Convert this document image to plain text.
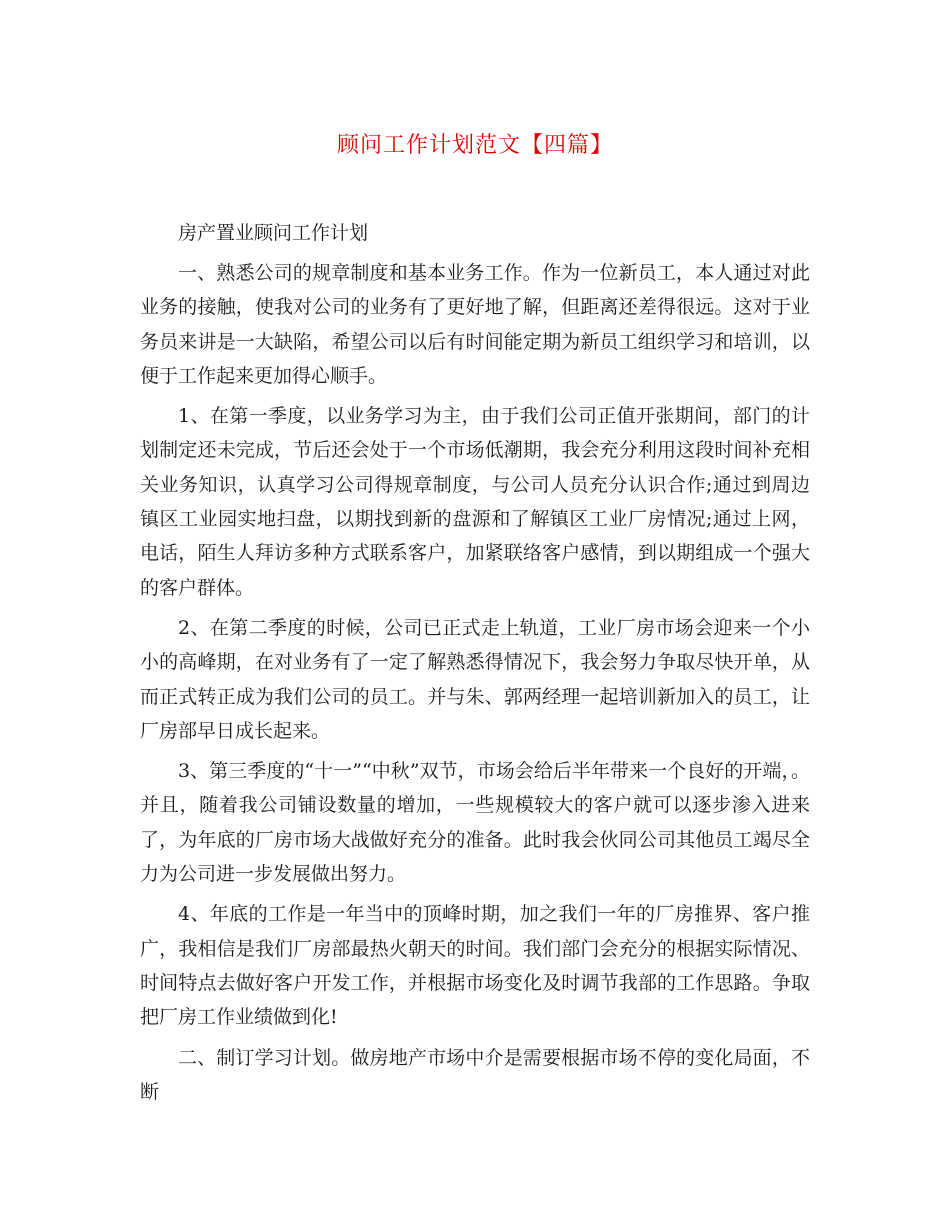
顾问工作计划范文【四篇】

房产置业顾问工作计划

一、熟悉公司的规章制度和基本业务工作。作为一位新员工，本人通过对此业务的接触，使我对公司的业务有了更好地了解，但距离还差得很远。这对于业务员来讲是一大缺陷，希望公司以后有时间能定期为新员工组织学习和培训，以便于工作起来更加得心顺手。

1、在第一季度，以业务学习为主，由于我们公司正值开张期间，部门的计划制定还未完成，节后还会处于一个市场低潮期，我会充分利用这段时间补充相关业务知识，认真学习公司得规章制度，与公司人员充分认识合作;通过到周边镇区工业园实地扫盘，以期找到新的盘源和了解镇区工业厂房情况;通过上网，电话，陌生人拜访多种方式联系客户，加紧联络客户感情，到以期组成一个强大的客户群体。

2、在第二季度的时候，公司已正式走上轨道，工业厂房市场会迎来一个小小的高峰期，在对业务有了一定了解熟悉得情况下，我会努力争取尽快开单，从而正式转正成为我们公司的员工。并与朱、郭两经理一起培训新加入的员工，让厂房部早日成长起来。

3、第三季度的“十一”“中秋”双节，市场会给后半年带来一个良好的开端，。并且，随着我公司铺设数量的增加，一些规模较大的客户就可以逐步渗入进来了，为年底的厂房市场大战做好充分的准备。此时我会伙同公司其他员工竭尽全力为公司进一步发展做出努力。

4、年底的工作是一年当中的顶峰时期，加之我们一年的厂房推界、客户推广，我相信是我们厂房部最热火朝天的时间。我们部门会充分的根据实际情况、时间特点去做好客户开发工作，并根据市场变化及时调节我部的工作思路。争取把厂房工作业绩做到化!

二、制订学习计划。做房地产市场中介是需要根据市场不停的变化局面，不断
